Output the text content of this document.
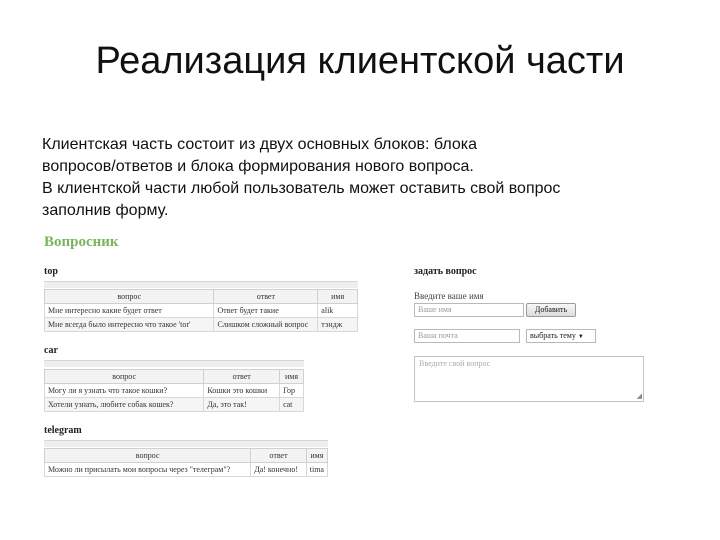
Реализация клиентской части

Клиентская часть состоит из двух основных блоков: блока

вопросов/ответов и блока формирования нового вопроса.

В клиентской части любой пользователь может оставить свой вопрос

заполнив форму.

Вопросник
top
вопрос	ответ	имя
Мне интересно какие будет ответ	Ответ будет такие	alik
Мне всегда было интересно что такое 'tor'	Слишком сложный вопрос	тэндж
car
вопрос	ответ	имя
Могу ли я узнать что такое кошки?	Кошки это кошки	Гор
Хотели узнать, любите собак кошек?	Да, это так!	cat
telegram
вопрос	ответ	имя
Можно ли присылать мои вопросы через "телеграм"?	Да! конечно!	tima
задать вопрос
Введите ваше имя
Ваше имя	Добавить
Ваша почта	выбрать тему ▼
Введите свой вопрос
◢
